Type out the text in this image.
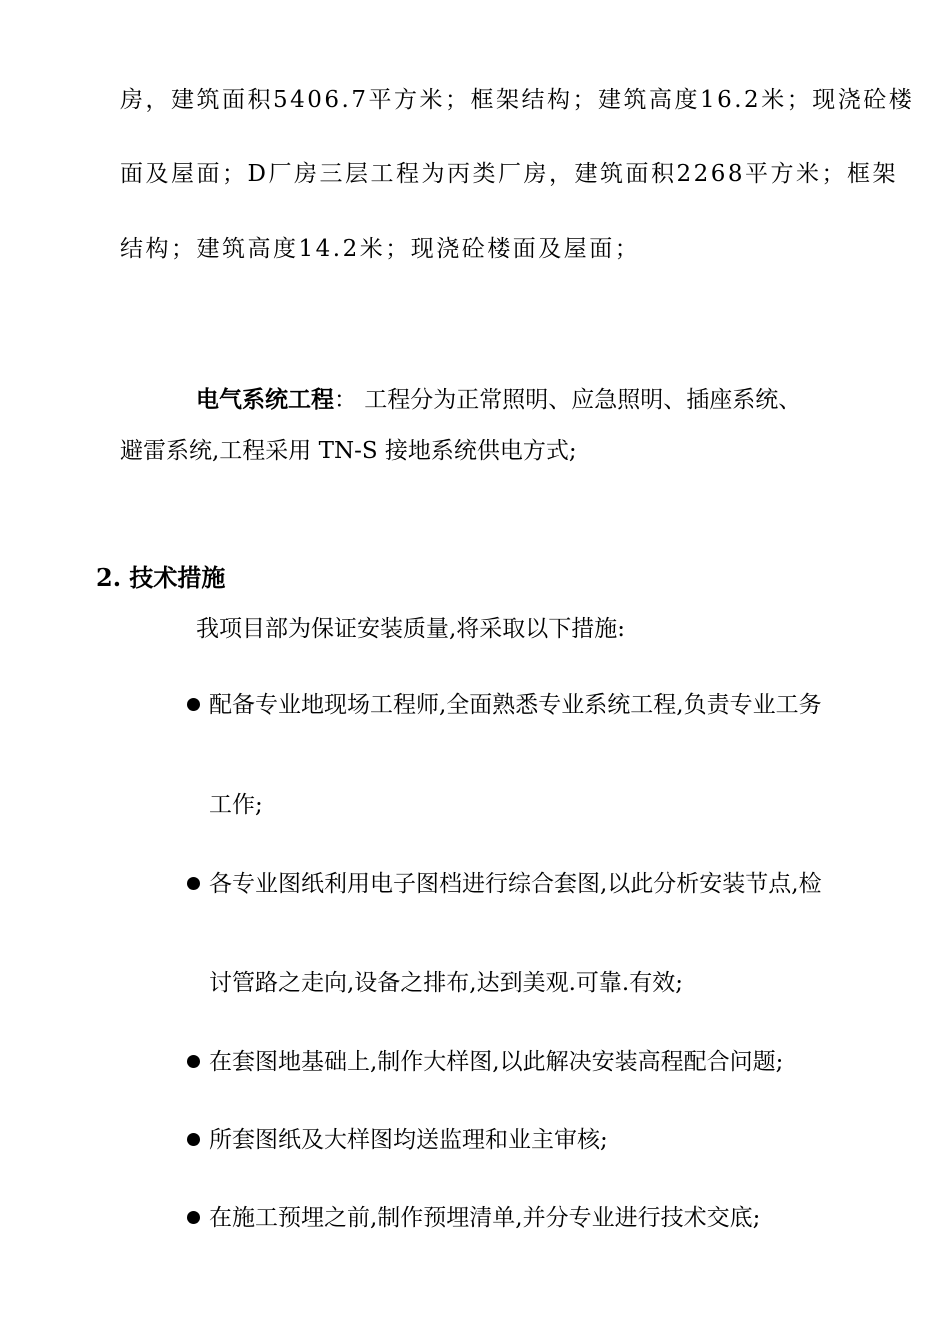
房，建筑面积5406.7平方米；框架结构；建筑高度16.2米；现浇砼楼
面及屋面；D厂房三层工程为丙类厂房，建筑面积2268平方米；框架
结构；建筑高度14.2米；现浇砼楼面及屋面；
电气系统工程： 工程分为正常照明、应急照明、插座系统、
避雷系统,工程采用 TN-S 接地系统供电方式;
2. 技术措施
我项目部为保证安装质量,将采取以下措施:
配备专业地现场工程师,全面熟悉专业系统工程,负责专业工务
工作;
各专业图纸利用电子图档进行综合套图,以此分析安装节点,检
讨管路之走向,设备之排布,达到美观.可靠.有效;
在套图地基础上,制作大样图,以此解决安装高程配合问题;
所套图纸及大样图均送监理和业主审核;
在施工预埋之前,制作预埋清单,并分专业进行技术交底;
